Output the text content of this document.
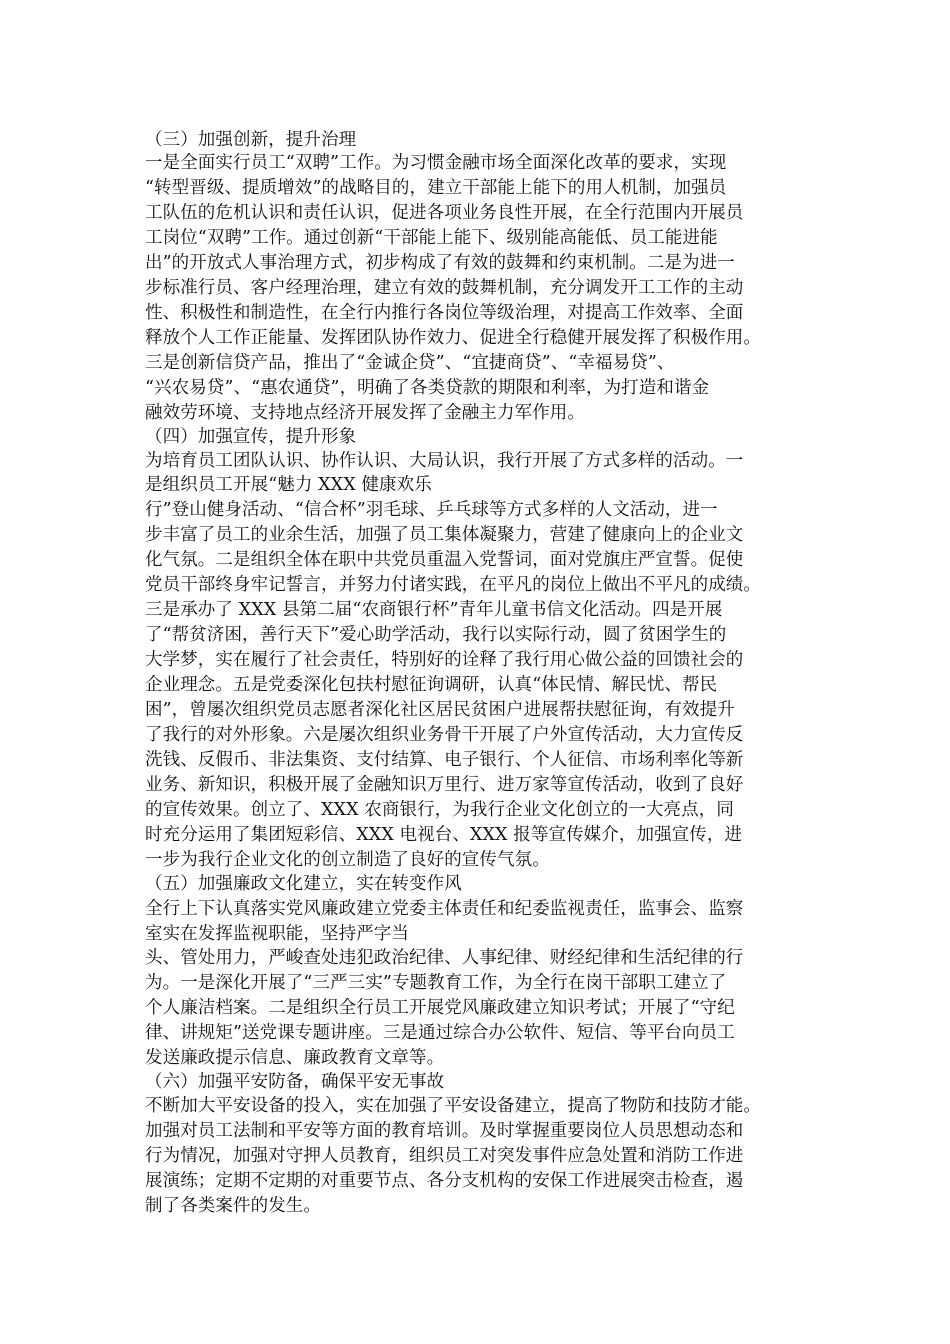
（三）加强创新，提升治理
一是全面实行员工“双聘”工作。为习惯金融市场全面深化改革的要求，实现
“转型晋级、提质增效”的战略目的，建立干部能上能下的用人机制，加强员
工队伍的危机认识和责任认识，促进各项业务良性开展，在全行范围内开展员
工岗位“双聘”工作。通过创新“干部能上能下、级别能高能低、员工能进能
出”的开放式人事治理方式，初步构成了有效的鼓舞和约束机制。二是为进一
步标准行员、客户经理治理，建立有效的鼓舞机制，充分调发开工工作的主动
性、积极性和制造性，在全行内推行各岗位等级治理，对提高工作效率、全面
释放个人工作正能量、发挥团队协作效力、促进全行稳健开展发挥了积极作用。
三是创新信贷产品，推出了“金诚企贷”、“宜捷商贷”、“幸福易贷”、
“兴农易贷”、“惠农通贷”，明确了各类贷款的期限和利率，为打造和谐金
融效劳环境、支持地点经济开展发挥了金融主力军作用。
（四）加强宣传，提升形象
为培育员工团队认识、协作认识、大局认识，我行开展了方式多样的活动。一
是组织员工开展“魅力 XXX 健康欢乐
行”登山健身活动、“信合杯”羽毛球、乒乓球等方式多样的人文活动，进一
步丰富了员工的业余生活，加强了员工集体凝聚力，营建了健康向上的企业文
化气氛。二是组织全体在职中共党员重温入党誓词，面对党旗庄严宣誓。促使
党员干部终身牢记誓言，并努力付诸实践，在平凡的岗位上做出不平凡的成绩。
三是承办了 XXX 县第二届“农商银行杯”青年儿童书信文化活动。四是开展
了“帮贫济困，善行天下”爱心助学活动，我行以实际行动，圆了贫困学生的
大学梦，实在履行了社会责任，特别好的诠释了我行用心做公益的回馈社会的
企业理念。五是党委深化包扶村慰征询调研，认真“体民情、解民忧、帮民
困”，曾屡次组织党员志愿者深化社区居民贫困户进展帮扶慰征询，有效提升
了我行的对外形象。六是屡次组织业务骨干开展了户外宣传活动，大力宣传反
洗钱、反假币、非法集资、支付结算、电子银行、个人征信、市场利率化等新
业务、新知识，积极开展了金融知识万里行、进万家等宣传活动，收到了良好
的宣传效果。创立了、XXX 农商银行，为我行企业文化创立的一大亮点，同
时充分运用了集团短彩信、XXX 电视台、XXX 报等宣传媒介，加强宣传，进
一步为我行企业文化的创立制造了良好的宣传气氛。
（五）加强廉政文化建立，实在转变作风
全行上下认真落实党风廉政建立党委主体责任和纪委监视责任，监事会、监察
室实在发挥监视职能，坚持严字当
头、管处用力，严峻查处违犯政治纪律、人事纪律、财经纪律和生活纪律的行
为。一是深化开展了“三严三实”专题教育工作，为全行在岗干部职工建立了
个人廉洁档案。二是组织全行员工开展党风廉政建立知识考试；开展了“守纪
律、讲规矩”送党课专题讲座。三是通过综合办公软件、短信、等平台向员工
发送廉政提示信息、廉政教育文章等。
（六）加强平安防备，确保平安无事故
不断加大平安设备的投入，实在加强了平安设备建立，提高了物防和技防才能。
加强对员工法制和平安等方面的教育培训。及时掌握重要岗位人员思想动态和
行为情况，加强对守押人员教育，组织员工对突发事件应急处置和消防工作进
展演练；定期不定期的对重要节点、各分支机构的安保工作进展突击检查，遏
制了各类案件的发生。
